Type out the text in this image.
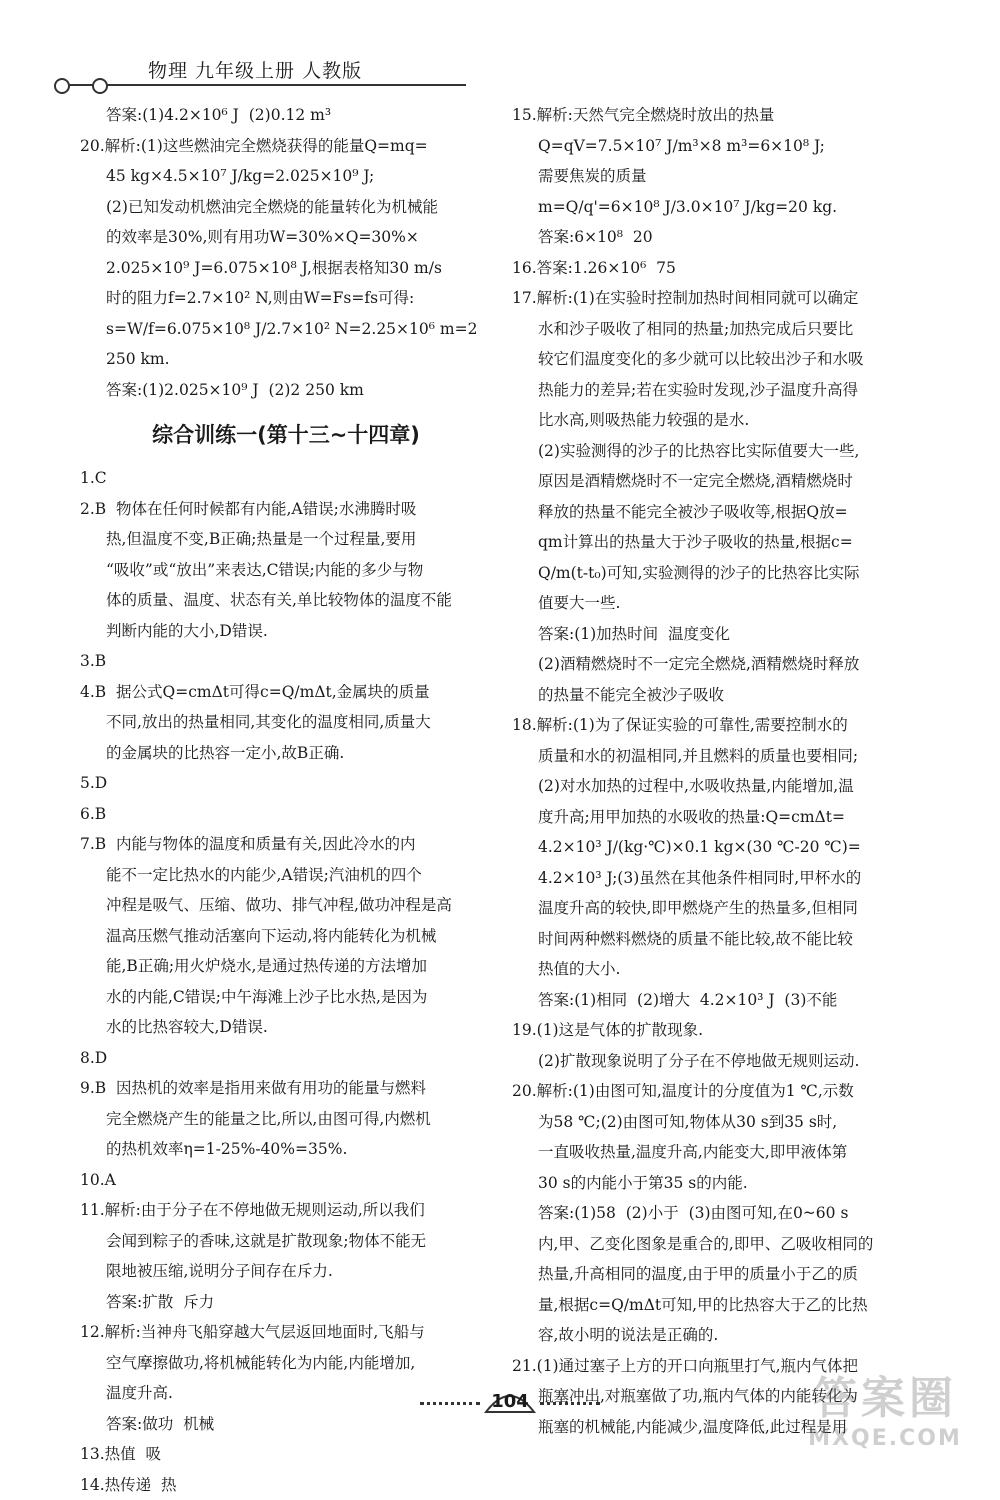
物理 九年级上册 人教版

答案:(1)4.2×10⁶ J  (2)0.12 m³

20.解析:(1)这些燃油完全燃烧获得的能量Q=mq=

45 kg×4.5×10⁷ J/kg=2.025×10⁹ J;

(2)已知发动机燃油完全燃烧的能量转化为机械能

的效率是30%,则有用功W=30%×Q=30%×

2.025×10⁹ J=6.075×10⁸ J,根据表格知30 m/s

时的阻力f=2.7×10² N,则由W=Fs=fs可得:

s=W/f=6.075×10⁸ J/2.7×10² N=2.25×10⁶ m=2 250 km.

答案:(1)2.025×10⁹ J  (2)2 250 km

综合训练一(第十三~十四章)

1.C

2.B  物体在任何时候都有内能,A错误;水沸腾时吸

热,但温度不变,B正确;热量是一个过程量,要用

“吸收”或“放出”来表达,C错误;内能的多少与物

体的质量、温度、状态有关,单比较物体的温度不能

判断内能的大小,D错误.

3.B

4.B  据公式Q=cmΔt可得c=Q/mΔt,金属块的质量

不同,放出的热量相同,其变化的温度相同,质量大

的金属块的比热容一定小,故B正确.

5.D

6.B

7.B  内能与物体的温度和质量有关,因此冷水的内

能不一定比热水的内能少,A错误;汽油机的四个

冲程是吸气、压缩、做功、排气冲程,做功冲程是高

温高压燃气推动活塞向下运动,将内能转化为机械

能,B正确;用火炉烧水,是通过热传递的方法增加

水的内能,C错误;中午海滩上沙子比水热,是因为

水的比热容较大,D错误.

8.D

9.B  因热机的效率是指用来做有用功的能量与燃料

完全燃烧产生的能量之比,所以,由图可得,内燃机

的热机效率η=1-25%-40%=35%.

10.A

11.解析:由于分子在不停地做无规则运动,所以我们

会闻到粽子的香味,这就是扩散现象;物体不能无

限地被压缩,说明分子间存在斥力.

答案:扩散  斥力

12.解析:当神舟飞船穿越大气层返回地面时,飞船与

空气摩擦做功,将机械能转化为内能,内能增加,

温度升高.

答案:做功  机械

13.热值  吸

14.热传递  热

15.解析:天然气完全燃烧时放出的热量

Q=qV=7.5×10⁷ J/m³×8 m³=6×10⁸ J;

需要焦炭的质量

m=Q/q'=6×10⁸ J/3.0×10⁷ J/kg=20 kg.

答案:6×10⁸  20

16.答案:1.26×10⁶  75

17.解析:(1)在实验时控制加热时间相同就可以确定

水和沙子吸收了相同的热量;加热完成后只要比

较它们温度变化的多少就可以比较出沙子和水吸

热能力的差异;若在实验时发现,沙子温度升高得

比水高,则吸热能力较强的是水.

(2)实验测得的沙子的比热容比实际值要大一些,

原因是酒精燃烧时不一定完全燃烧,酒精燃烧时

释放的热量不能完全被沙子吸收等,根据Q放=

qm计算出的热量大于沙子吸收的热量,根据c=

Q/m(t-t₀)可知,实验测得的沙子的比热容比实际

值要大一些.

答案:(1)加热时间  温度变化

(2)酒精燃烧时不一定完全燃烧,酒精燃烧时释放

的热量不能完全被沙子吸收

18.解析:(1)为了保证实验的可靠性,需要控制水的

质量和水的初温相同,并且燃料的质量也要相同;

(2)对水加热的过程中,水吸收热量,内能增加,温

度升高;用甲加热的水吸收的热量:Q=cmΔt=

4.2×10³ J/(kg·℃)×0.1 kg×(30 ℃-20 ℃)=

4.2×10³ J;(3)虽然在其他条件相同时,甲杯水的

温度升高的较快,即甲燃烧产生的热量多,但相同

时间两种燃料燃烧的质量不能比较,故不能比较

热值的大小.

答案:(1)相同  (2)增大  4.2×10³ J  (3)不能

19.(1)这是气体的扩散现象.

(2)扩散现象说明了分子在不停地做无规则运动.

20.解析:(1)由图可知,温度计的分度值为1 ℃,示数

为58 ℃;(2)由图可知,物体从30 s到35 s时,

一直吸收热量,温度升高,内能变大,即甲液体第

30 s的内能小于第35 s的内能.

答案:(1)58  (2)小于  (3)由图可知,在0~60 s

内,甲、乙变化图象是重合的,即甲、乙吸收相同的

热量,升高相同的温度,由于甲的质量小于乙的质

量,根据c=Q/mΔt可知,甲的比热容大于乙的比热

容,故小明的说法是正确的.

21.(1)通过塞子上方的开口向瓶里打气,瓶内气体把

瓶塞冲出,对瓶塞做了功,瓶内气体的内能转化为

瓶塞的机械能,内能减少,温度降低,此过程是用

104	答案圈
MXQE.COM
